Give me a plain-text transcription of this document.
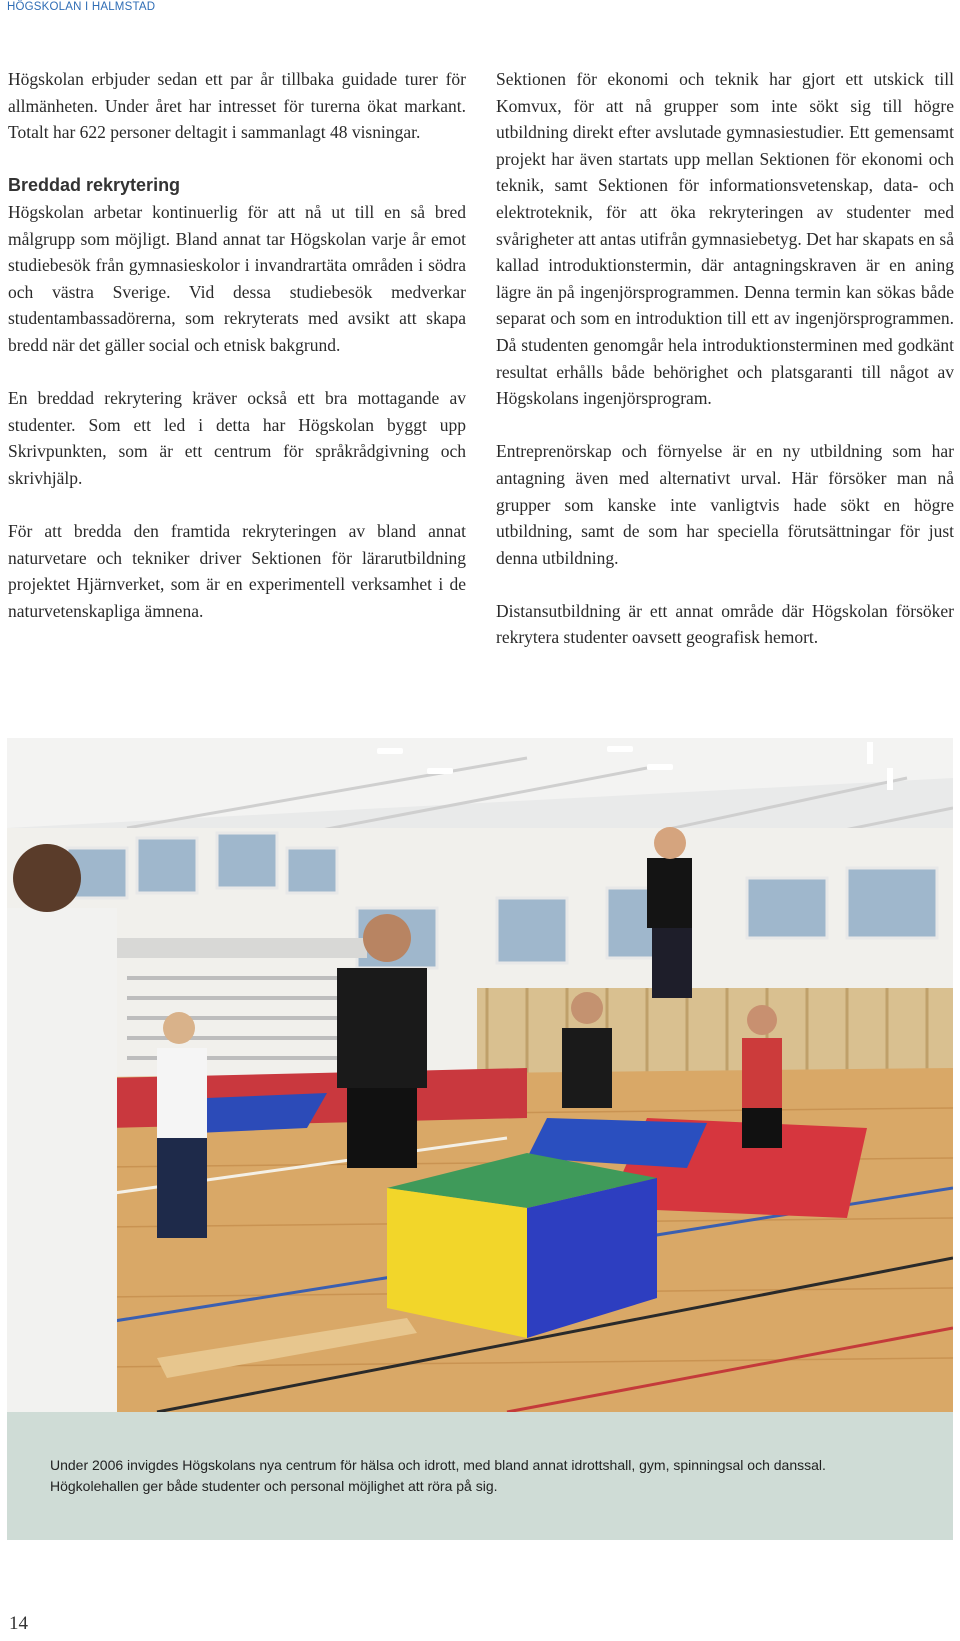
HÖGSKOLAN I HALMSTAD

Högskolan erbjuder sedan ett par år tillbaka guidade turer för allmänheten. Under året har intresset för turerna ökat markant. Totalt har 622 personer deltagit i sammanlagt 48 visningar.

Breddad rekrytering

Högskolan arbetar kontinuerlig för att nå ut till en så bred målgrupp som möjligt. Bland annat tar Högskolan varje år emot studiebesök från gymnasieskolor i invandrartäta områden i södra och västra Sverige. Vid dessa studiebesök medverkar studentambassadörerna, som rekryterats med avsikt att skapa bredd när det gäller social och etnisk bakgrund.

En breddad rekrytering kräver också ett bra mottagande av studenter. Som ett led i detta har Högskolan byggt upp Skrivpunkten, som är ett centrum för språkrådgivning och skrivhjälp.

För att bredda den framtida rekryteringen av bland annat naturvetare och tekniker driver Sektionen för lärarutbildning projektet Hjärnverket, som är en experimentell verksamhet i de naturvetenskapliga ämnena.

Sektionen för ekonomi och teknik har gjort ett utskick till Komvux, för att nå grupper som inte sökt sig till högre utbildning direkt efter avslutade gymnasiestudier. Ett gemensamt projekt har även startats upp mellan Sektionen för ekonomi och teknik, samt Sektionen för informationsvetenskap, data- och elektroteknik, för att öka rekryteringen av studenter med svårigheter att antas utifrån gymnasiebetyg. Det har skapats en så kallad introduktionstermin, där antagningskraven är en aning lägre än på ingenjörsprogrammen. Denna termin kan sökas både separat och som en introduktion till ett av ingenjörsprogrammen. Då studenten genomgår hela introduktionsterminen med godkänt resultat erhålls både behörighet och platsgaranti till något av Högskolans ingenjörsprogram.

Entreprenörskap och förnyelse är en ny utbildning som har antagning även med alternativt urval. Här försöker man nå grupper som kanske inte vanligtvis hade sökt en högre utbildning, samt de som har speciella förutsättningar för just denna utbildning.

Distansutbildning är ett annat område där Högskolan försöker rekrytera studenter oavsett geografisk hemort.

Under 2006 invigdes Högskolans nya centrum för hälsa och idrott, med bland annat idrottshall, gym, spinningsal och danssal.
Högkolehallen ger både studenter och personal möjlighet att röra på sig.
14
